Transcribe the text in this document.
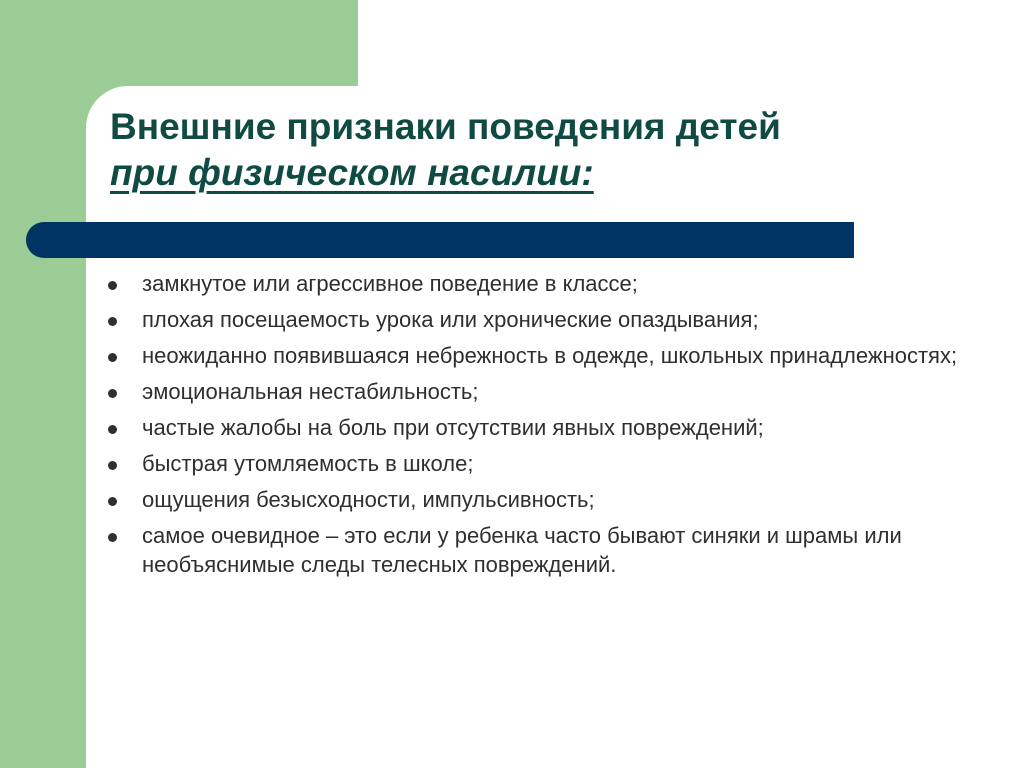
Внешние признаки поведения детей
при физическом насилии:
замкнутое или агрессивное поведение в классе;
плохая посещаемость урока или хронические опаздывания;
неожиданно появившаяся небрежность в одежде, школьных принадлежностях;
эмоциональная нестабильность;
частые жалобы на боль при отсутствии явных повреждений;
быстрая утомляемость в школе;
ощущения безысходности, импульсивность;
самое очевидное – это если у ребенка часто бывают синяки и шрамы или необъяснимые следы телесных повреждений.
